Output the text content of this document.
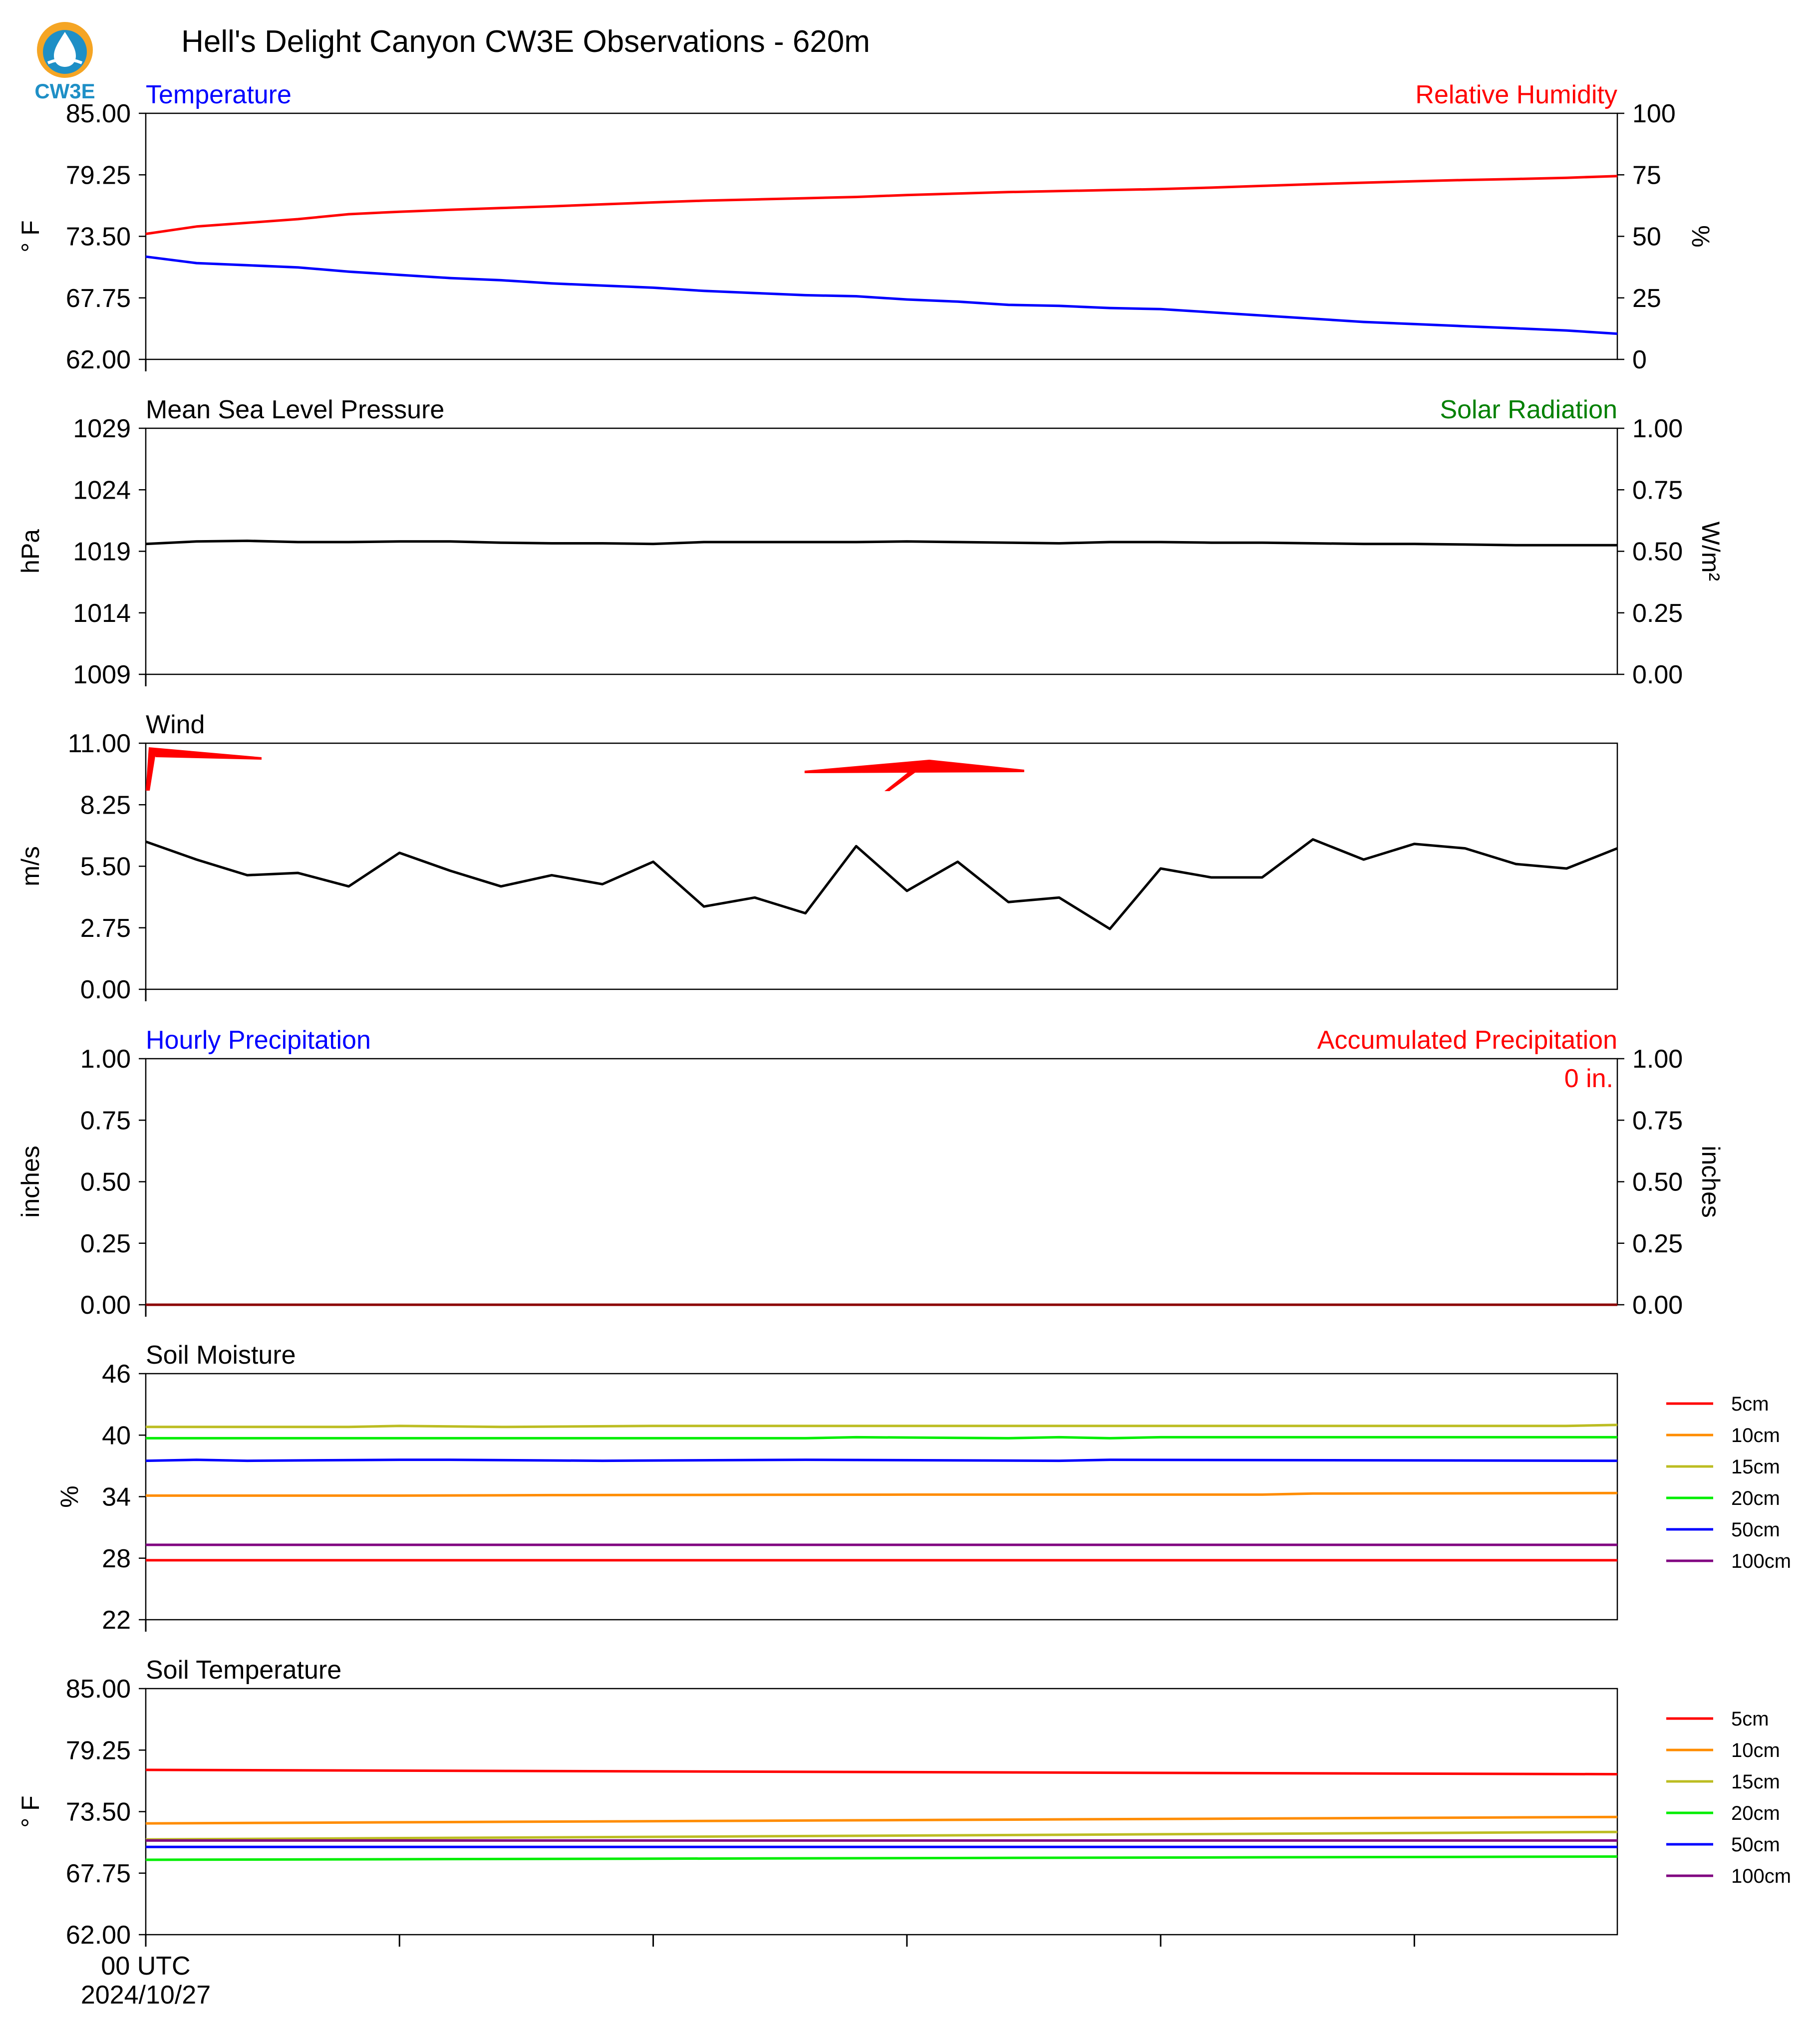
CW3E
Hell's Delight Canyon CW3E Observations - 620m
Temperature	Relative Humidity
62.00
67.75
73.50
79.25
85.00
0
25
50
75
100
° F	%
Mean Sea Level Pressure	Solar Radiation
1009
1014
1019
1024
1029
0.00
0.25
0.50
0.75
1.00
hPa	W/m²
Wind
0.00
2.75
5.50
8.25
11.00
m/s
Hourly Precipitation	Accumulated Precipitation
0.00
0.25
0.50
0.75
1.00
0.00
0.25
0.50
0.75
1.00
inches	inches
0 in.
Soil Moisture
22
28
34
40
46
%
5cm
10cm
15cm
20cm
50cm
100cm
Soil Temperature
62.00
67.75
73.50
79.25
85.00
° F
00 UTC
2024/10/27
5cm
10cm
15cm
20cm
50cm
100cm
